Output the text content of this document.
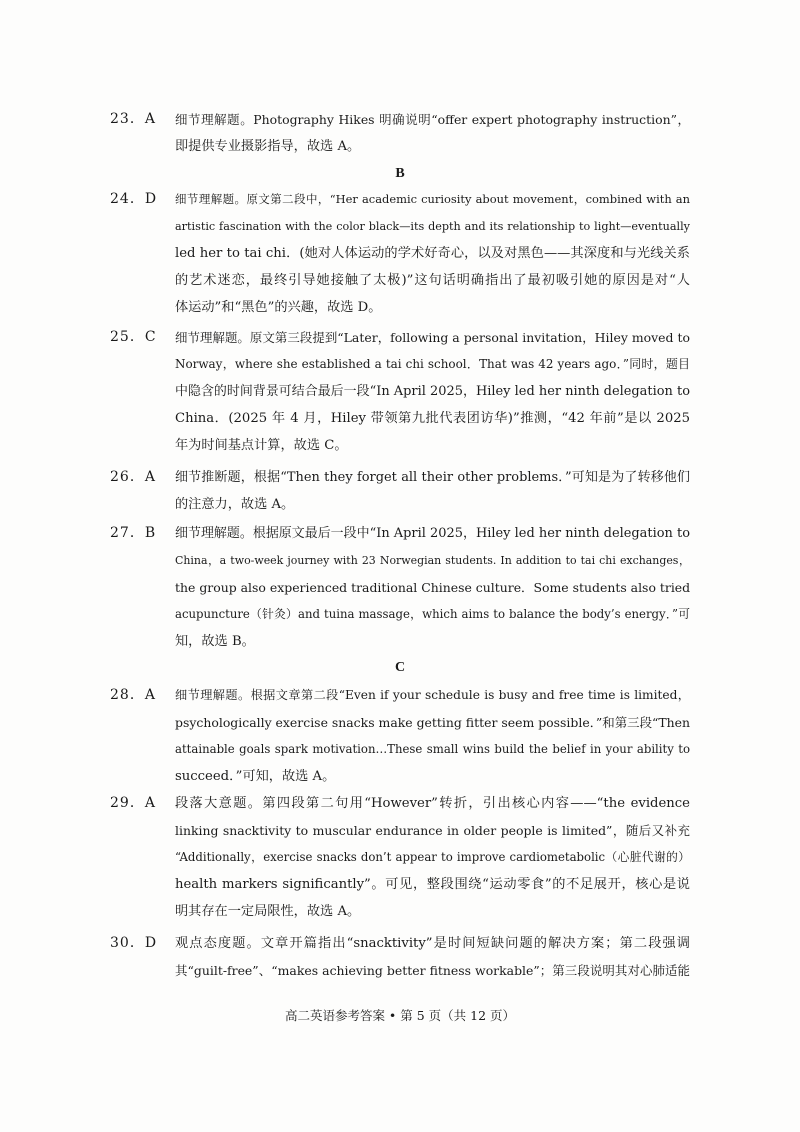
23．A	细节理解题。Photography Hikes 明确说明“offer expert photography instruction”，
即提供专业摄影指导，故选 A。
B
24．D	细节理解题。原文第二段中，“Her academic curiosity about movement，combined with an
artistic fascination with the color black—its depth and its relationship to light—eventually
led her to tai chi．(她对人体运动的学术好奇心，以及对黑色——其深度和与光线关系
的艺术迷恋，最终引导她接触了太极)”这句话明确指出了最初吸引她的原因是对“人
体运动”和“黑色”的兴趣，故选 D。
25．C	细节理解题。原文第三段提到“Later，following a personal invitation，Hiley moved to
Norway，where she established a tai chi school．That was 42 years ago．”同时，题目
中隐含的时间背景可结合最后一段“In April 2025，Hiley led her ninth delegation to
China．(2025 年 4 月，Hiley 带领第九批代表团访华)”推测，“42 年前”是以 2025
年为时间基点计算，故选 C。
26．A	细节推断题，根据“Then they forget all their other problems．”可知是为了转移他们
的注意力，故选 A。
27．B	细节理解题。根据原文最后一段中“In April 2025，Hiley led her ninth delegation to
China，a two-week journey with 23 Norwegian students. In addition to tai chi exchanges，
the group also experienced traditional Chinese culture．Some students also tried
acupuncture（针灸）and tuina massage，which aims to balance the body’s energy．”可
知，故选 B。
C
28．A	细节理解题。根据文章第二段“Even if your schedule is busy and free time is limited，
psychologically exercise snacks make getting fitter seem possible．”和第三段“Then
attainable goals spark motivation…These small wins build the belief in your ability to
succeed．”可知，故选 A。
29．A	段落大意题。第四段第二句用“However”转折，引出核心内容——“the evidence
linking snacktivity to muscular endurance in older people is limited”，随后又补充
“Additionally，exercise snacks don’t appear to improve cardiometabolic（心脏代谢的）
health markers significantly”。可见，整段围绕“运动零食”的不足展开，核心是说
明其存在一定局限性，故选 A。
30．D	观点态度题。文章开篇指出“snacktivity”是时间短缺问题的解决方案；第二段强调
其“guilt-free”、“makes achieving better fitness workable”；第三段说明其对心肺适能
高二英语参考答案 • 第 5 页（共 12 页）
